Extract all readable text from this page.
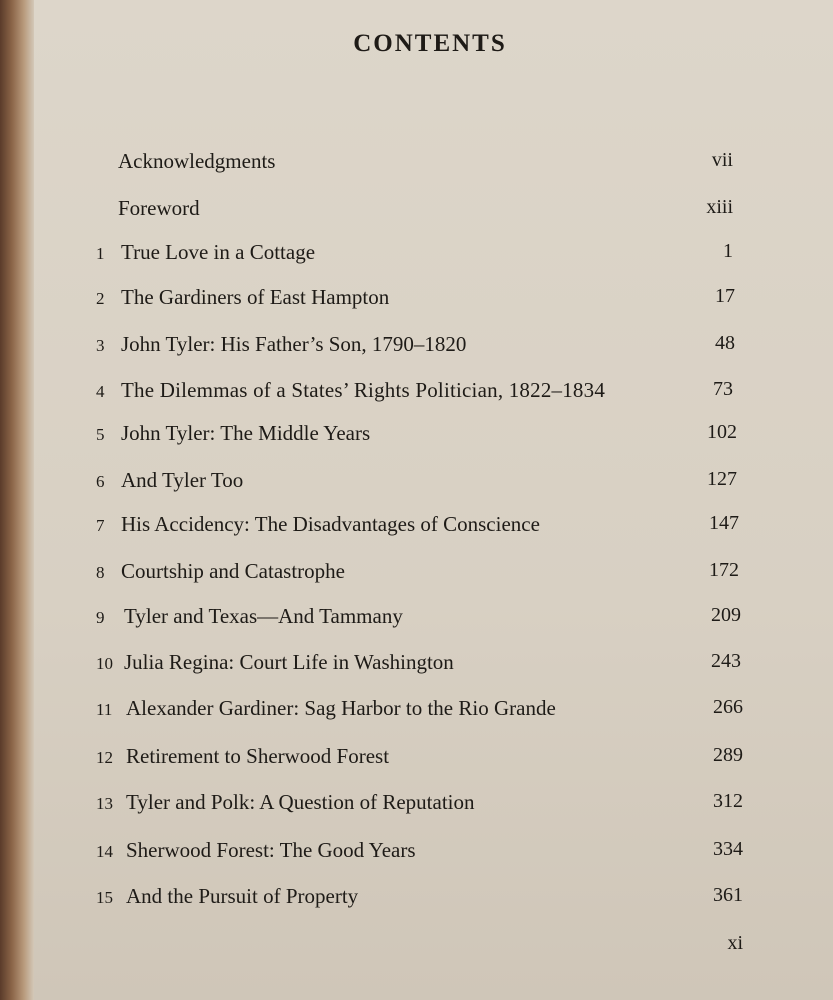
CONTENTS
Acknowledgments	vii
Foreword	xiii
1 True Love in a Cottage	1
2 The Gardiners of East Hampton	17
3 John Tyler: His Father’s Son, 1790–1820	48
4 The Dilemmas of a States’ Rights Politician, 1822–1834	73
5 John Tyler: The Middle Years	102
6 And Tyler Too	127
7 His Accidency: The Disadvantages of Conscience	147
8 Courtship and Catastrophe	172
9 Tyler and Texas—And Tammany	209
10 Julia Regina: Court Life in Washington	243
11 Alexander Gardiner: Sag Harbor to the Rio Grande	266
12 Retirement to Sherwood Forest	289
13 Tyler and Polk: A Question of Reputation	312
14 Sherwood Forest: The Good Years	334
15 And the Pursuit of Property	361
xi
